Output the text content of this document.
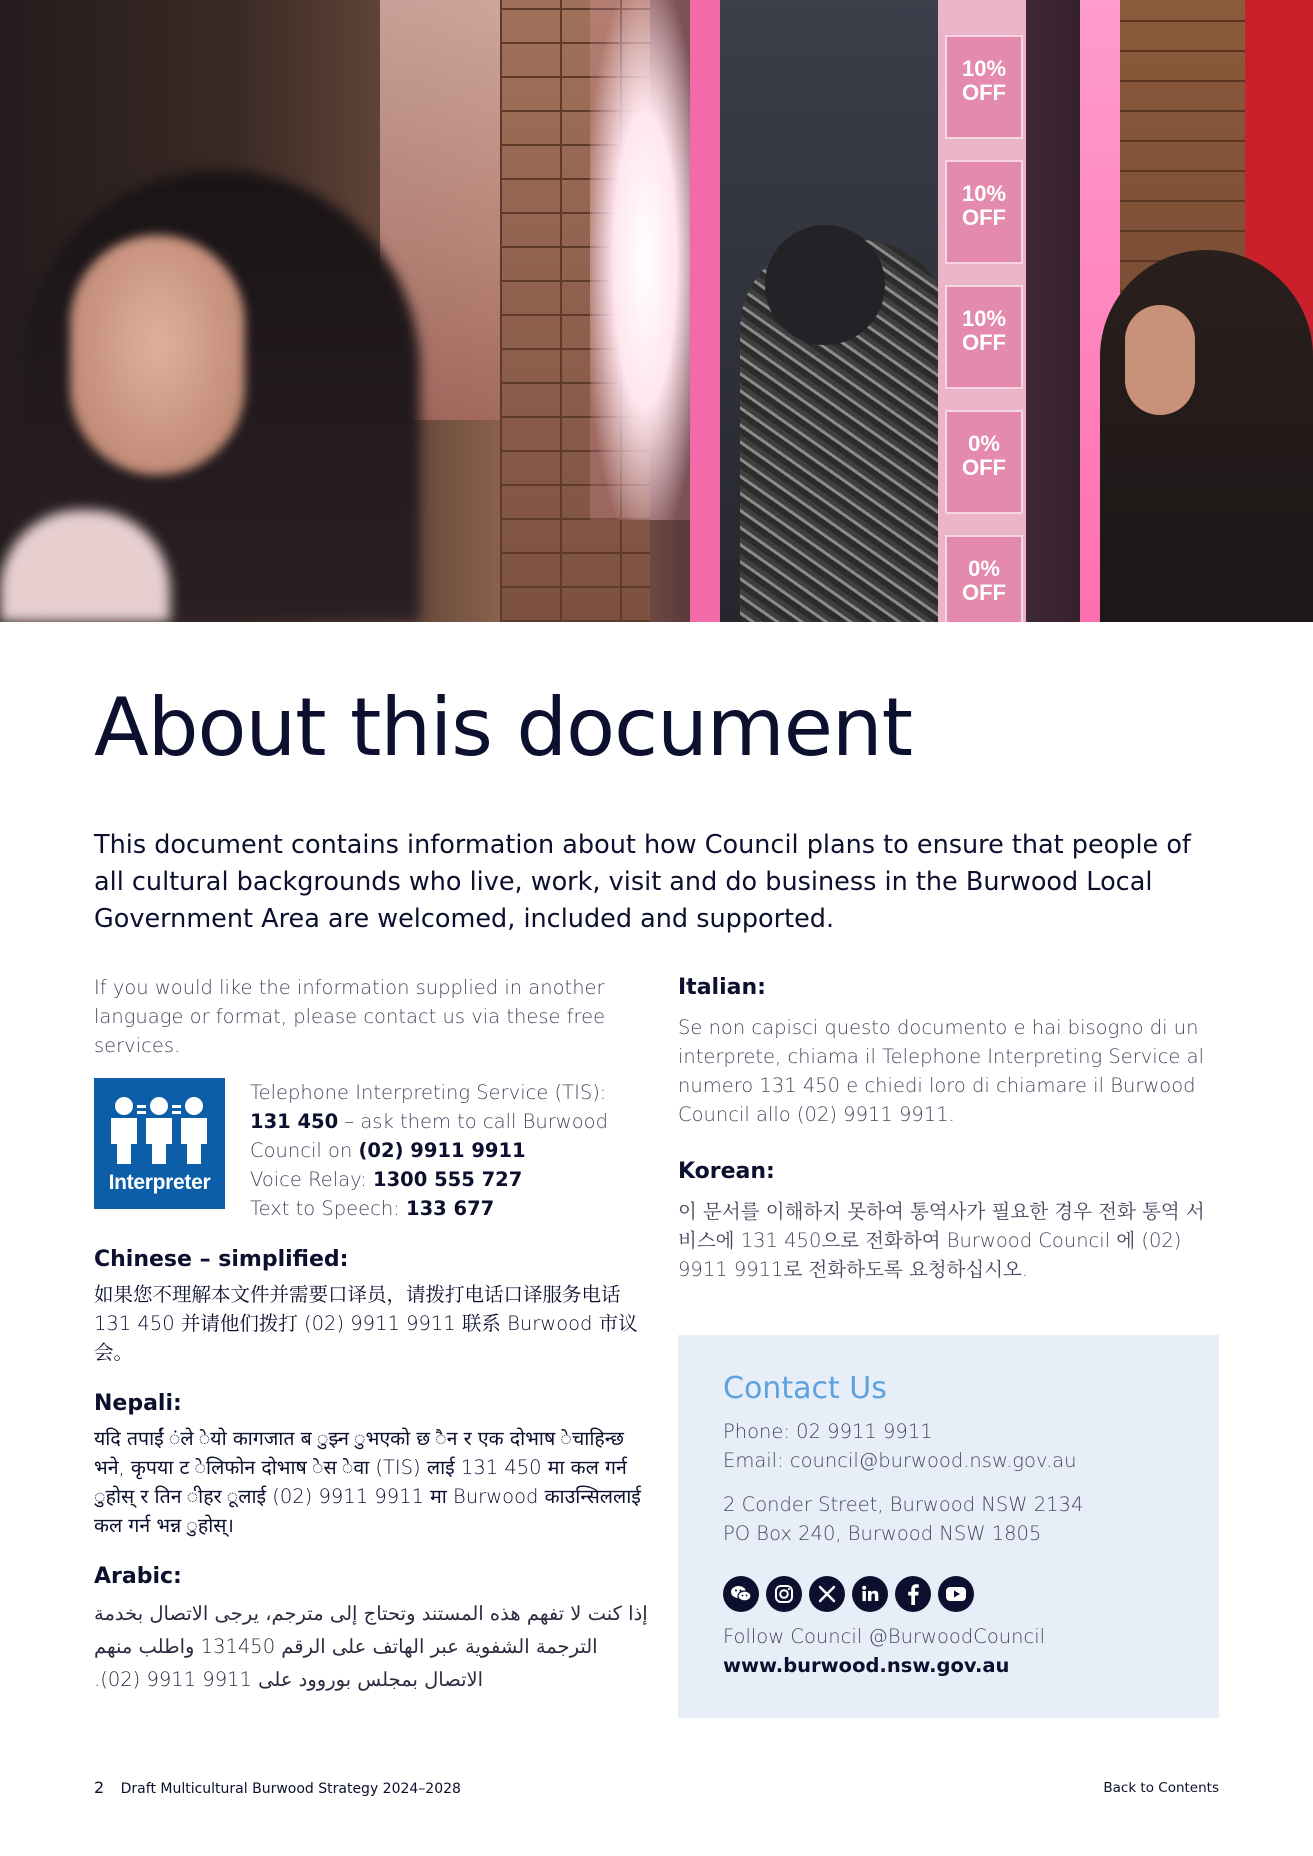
10% OFF
10% OFF
10% OFF
0% OFF
0% OFF
About this document

This document contains information about how Council plans to ensure that people of all cultural backgrounds who live, work, visit and do business in the Burwood Local Government Area are welcomed, included and supported.

If you would like the information supplied in another language or format, please contact us via these free services.

Interpreter
Telephone Interpreting Service (TIS):
131 450 – ask them to call Burwood Council on (02) 9911 9911
Voice Relay: 1300 555 727
Text to Speech: 133 677
Chinese – simplified:

如果您不理解本文件并需要口译员，请拨打电话口译服务电话 131 450 并请他们拨打 (02) 9911 9911 联系 Burwood 市议会。

Nepali:

यदि तपाईं ंले ेयो कागजात ब ुझ्न ुभएको छ ैन र एक दोभाष ेचाहिन्छ भने, कृपया ट ेलिफोन दोभाष ेस ेवा (TIS) लाई 131 450 मा कल गर्न ुहोस् र तिन ीहर ूलाई (02) 9911 9911 मा Burwood काउन्सिललाई कल गर्न भन्न ुहोस्।

Arabic:

إذا كنت لا تفهم هذه المستند وتحتاج إلى مترجم، يرجى الاتصال بخدمة الترجمة الشفوية عبر الهاتف على الرقم 131450 واطلب منهم الاتصال بمجلس بوروود على 9911 9911 (02).

Italian:

Se non capisci questo documento e hai bisogno di un interprete, chiama il Telephone Interpreting Service al numero 131 450 e chiedi loro di chiamare il Burwood Council allo (02) 9911 9911.

Korean:

이 문서를 이해하지 못하여 통역사가 필요한 경우 전화 통역 서비스에 131 450으로 전화하여 Burwood Council 에 (02) 9911 9911로 전화하도록 요청하십시오.

Contact Us

Phone: 02 9911 9911

Email: council@burwood.nsw.gov.au

2 Conder Street, Burwood NSW 2134

PO Box 240, Burwood NSW 1805

Follow Council @BurwoodCouncil

www.burwood.nsw.gov.au

2 Draft Multicultural Burwood Strategy 2024–2028	Back to Contents
